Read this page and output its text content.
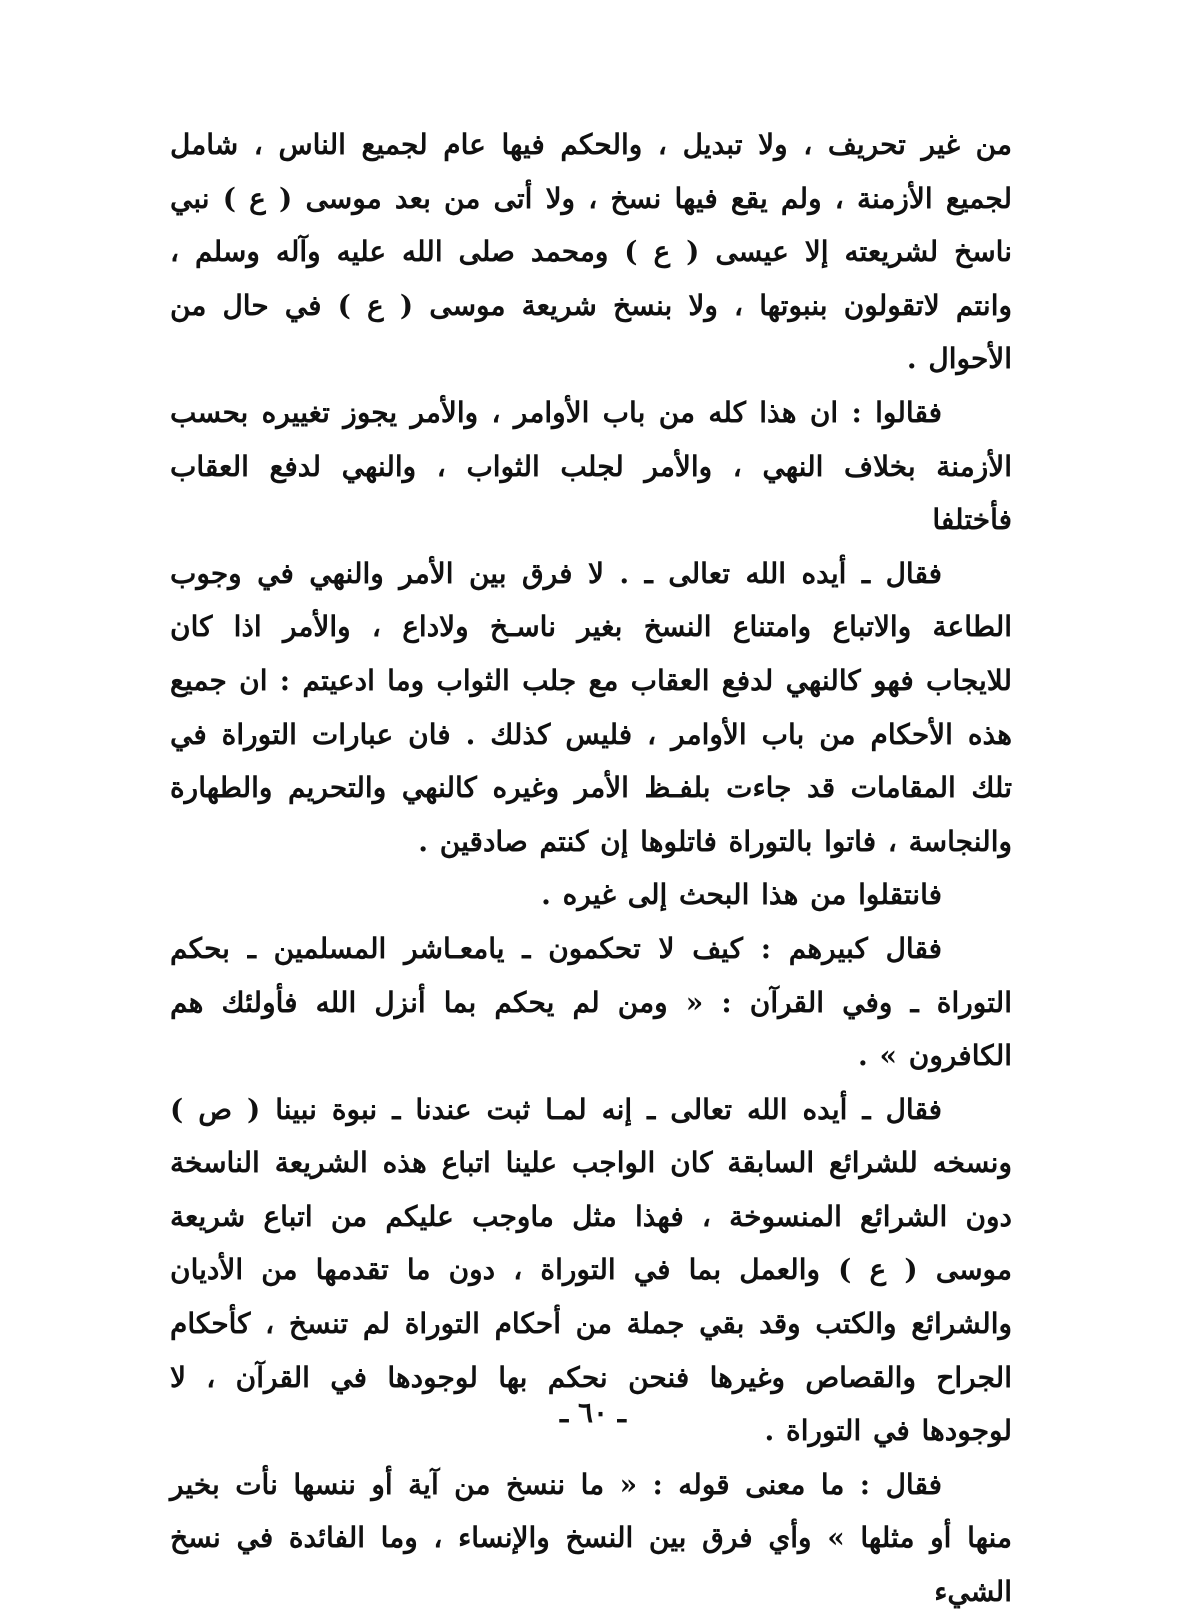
من غير تحريف ، ولا تبديل ، والحكم فيها عام لجميع الناس ، شامل لجميع الأزمنة ، ولم يقع فيها نسخ ، ولا أتى من بعد موسى ( ع ) نبي ناسخ لشريعته إلا عيسى ( ع ) ومحمد صلى الله عليه وآله وسلم ، وانتم لاتقولون بنبوتها ، ولا بنسخ شريعة موسى ( ع ) في حال من الأحوال .

فقالوا : ان هذا كله من باب الأوامر ، والأمر يجوز تغييره بحسب الأزمنة بخلاف النهي ، والأمر لجلب الثواب ، والنهي لدفع العقاب فأختلفا

فقال ـ أيده الله تعالى ـ . لا فرق بين الأمر والنهي في وجوب الطاعة والاتباع وامتناع النسخ بغير ناسـخ ولاداع ، والأمر اذا كان للايجاب فهو كالنهي لدفع العقاب مع جلب الثواب وما ادعيتم : ان جميع هذه الأحكام من باب الأوامر ، فليس كذلك . فان عبارات التوراة في تلك المقامات قد جاءت بلفـظ الأمر وغيره كالنهي والتحريم والطهارة والنجاسة ، فاتوا بالتوراة فاتلوها إن كنتم صادقين .

فانتقلوا من هذا البحث إلى غيره .

فقال كبيرهم : كيف لا تحكمون ـ يامعـاشر المسلمين ـ بحكم التوراة ـ وفي القرآن : « ومن لم يحكم بما أنزل الله فأولئك هم الكافرون » .

فقال ـ أيده الله تعالى ـ إنه لمـا ثبت عندنا ـ نبوة نبينا ( ص ) ونسخه للشرائع السابقة كان الواجب علينا اتباع هذه الشريعة الناسخة دون الشرائع المنسوخة ، فهذا مثل ماوجب عليكم من اتباع شريعة موسى ( ع ) والعمل بما في التوراة ، دون ما تقدمها من الأديان والشرائع والكتب وقد بقي جملة من أحكام التوراة لم تنسخ ، كأحكام الجراح والقصاص وغيرها فنحن نحكم بها لوجودها في القرآن ، لا لوجودها في التوراة .

فقال : ما معنى قوله : « ما ننسخ من آية أو ننسها نأت بخير منها أو مثلها » وأي فرق بين النسخ والإنساء ، وما الفائدة في نسخ الشيء

ـ ٦٠ ـ
